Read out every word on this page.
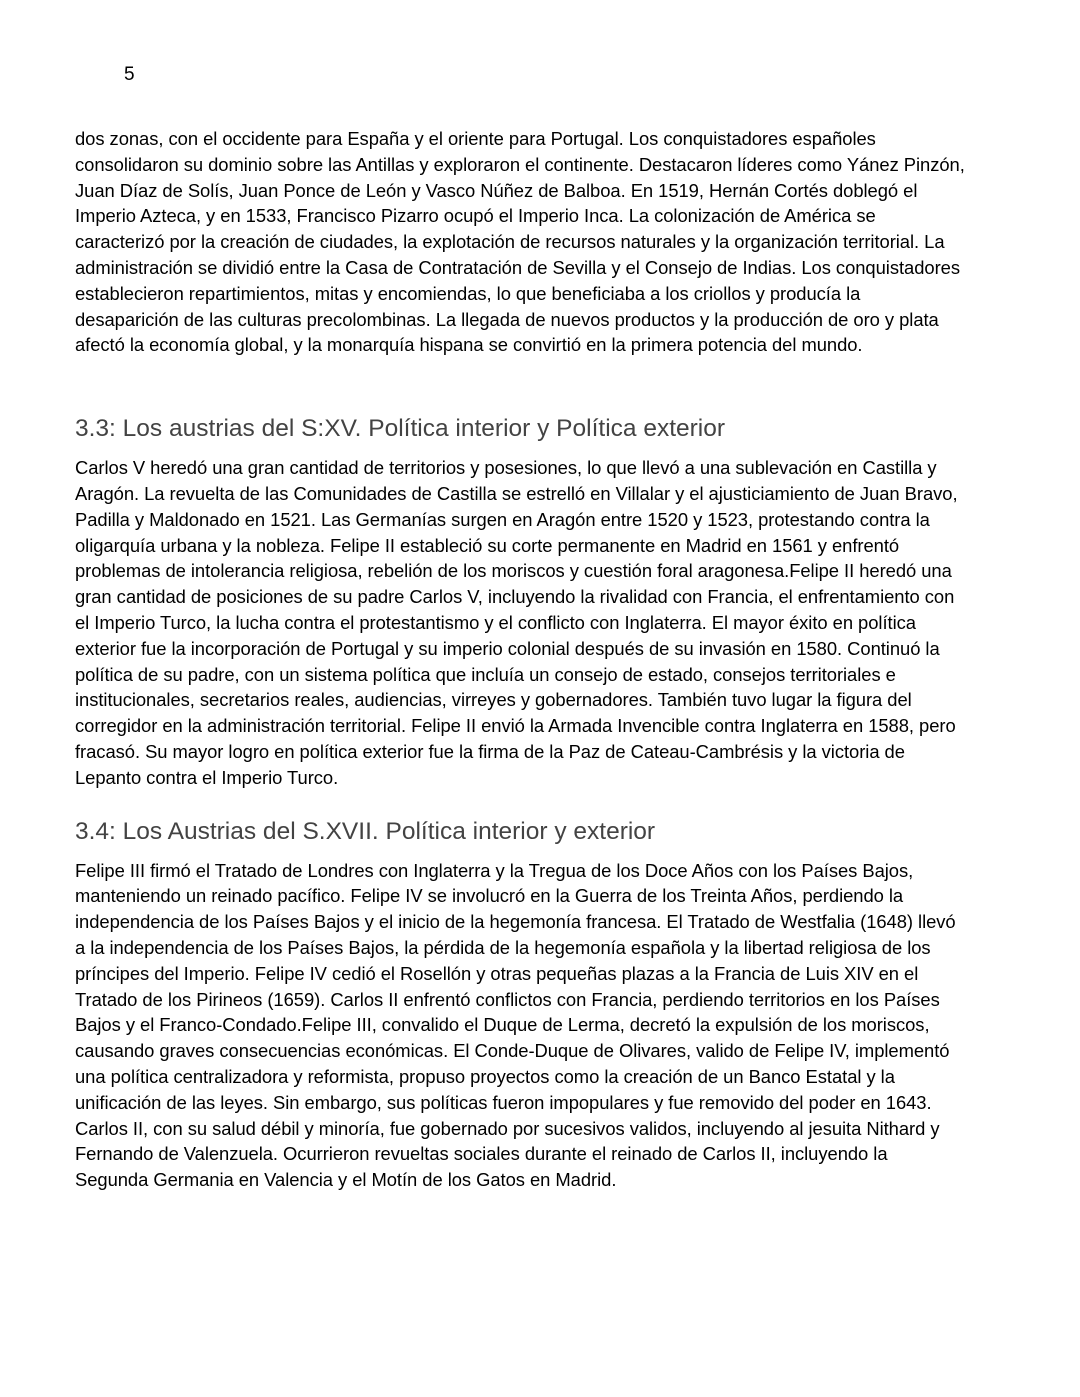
5

dos zonas, con el occidente para España y el oriente para Portugal. Los conquistadores españoles consolidaron su dominio sobre las Antillas y exploraron el continente. Destacaron líderes como Yánez Pinzón, Juan Díaz de Solís, Juan Ponce de León y Vasco Núñez de Balboa. En 1519, Hernán Cortés doblegó el Imperio Azteca, y en 1533, Francisco Pizarro ocupó el Imperio Inca. La colonización de América se caracterizó por la creación de ciudades, la explotación de recursos naturales y la organización territorial. La administración se dividió entre la Casa de Contratación de Sevilla y el Consejo de Indias. Los conquistadores establecieron repartimientos, mitas y encomiendas, lo que beneficiaba a los criollos y producía la desaparición de las culturas precolombinas. La llegada de nuevos productos y la producción de oro y plata afectó la economía global, y la monarquía hispana se convirtió en la primera potencia del mundo.

3.3: Los austrias del S:XV. Política interior y Política exterior

Carlos V heredó una gran cantidad de territorios y posesiones, lo que llevó a una sublevación en Castilla y Aragón. La revuelta de las Comunidades de Castilla se estrelló en Villalar y el ajusticiamiento de Juan Bravo, Padilla y Maldonado en 1521. Las Germanías surgen en Aragón entre 1520 y 1523, protestando contra la oligarquía urbana y la nobleza. Felipe II estableció su corte permanente en Madrid en 1561 y enfrentó problemas de intolerancia religiosa, rebelión de los moriscos y cuestión foral aragonesa.Felipe II heredó una gran cantidad de posiciones de su padre Carlos V, incluyendo la rivalidad con Francia, el enfrentamiento con el Imperio Turco, la lucha contra el protestantismo y el conflicto con Inglaterra. El mayor éxito en política exterior fue la incorporación de Portugal y su imperio colonial después de su invasión en 1580. Continuó la política de su padre, con un sistema política que incluía un consejo de estado, consejos territoriales e institucionales, secretarios reales, audiencias, virreyes y gobernadores. También tuvo lugar la figura del corregidor en la administración territorial. Felipe II envió la Armada Invencible contra Inglaterra en 1588, pero fracasó. Su mayor logro en política exterior fue la firma de la Paz de Cateau-Cambrésis y la victoria de Lepanto contra el Imperio Turco.

3.4: Los Austrias del S.XVII. Política interior y exterior

Felipe III firmó el Tratado de Londres con Inglaterra y la Tregua de los Doce Años con los Países Bajos, manteniendo un reinado pacífico. Felipe IV se involucró en la Guerra de los Treinta Años, perdiendo la independencia de los Países Bajos y el inicio de la hegemonía francesa. El Tratado de Westfalia (1648) llevó a la independencia de los Países Bajos, la pérdida de la hegemonía española y la libertad religiosa de los príncipes del Imperio. Felipe IV cedió el Rosellón y otras pequeñas plazas a la Francia de Luis XIV en el Tratado de los Pirineos (1659). Carlos II enfrentó conflictos con Francia, perdiendo territorios en los Países Bajos y el Franco-Condado.Felipe III, convalido el Duque de Lerma, decretó la expulsión de los moriscos, causando graves consecuencias económicas. El Conde-Duque de Olivares, valido de Felipe IV, implementó una política centralizadora y reformista, propuso proyectos como la creación de un Banco Estatal y la unificación de las leyes. Sin embargo, sus políticas fueron impopulares y fue removido del poder en 1643. Carlos II, con su salud débil y minoría, fue gobernado por sucesivos validos, incluyendo al jesuita Nithard y Fernando de Valenzuela. Ocurrieron revueltas sociales durante el reinado de Carlos II, incluyendo la Segunda Germania en Valencia y el Motín de los Gatos en Madrid.
